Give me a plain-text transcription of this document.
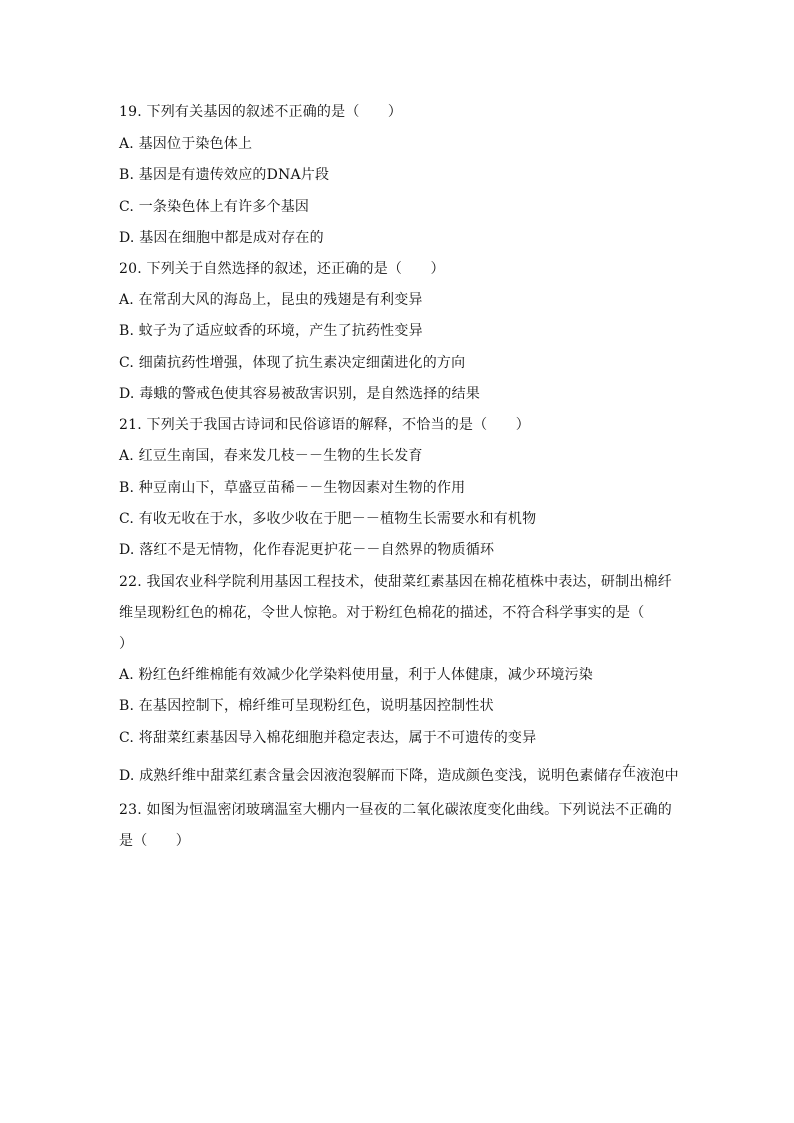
19. 下列有关基因的叙述不正确的是（　　）
A. 基因位于染色体上
B. 基因是有遗传效应的DNA片段
C. 一条染色体上有许多个基因
D. 基因在细胞中都是成对存在的
20. 下列关于自然选择的叙述，还正确的是（　　）
A. 在常刮大风的海岛上，昆虫的残翅是有利变异
B. 蚊子为了适应蚊香的环境，产生了抗药性变异
C. 细菌抗药性增强，体现了抗生素决定细菌进化的方向
D. 毒蛾的警戒色使其容易被敌害识别，是自然选择的结果
21. 下列关于我国古诗词和民俗谚语的解释，不恰当的是（　　）
A. 红豆生南国，春来发几枝－－生物的生长发育
B. 种豆南山下，草盛豆苗稀－－生物因素对生物的作用
C. 有收无收在于水，多收少收在于肥－－植物生长需要水和有机物
D. 落红不是无情物，化作春泥更护花－－自然界的物质循环
22. 我国农业科学院利用基因工程技术，使甜菜红素基因在棉花植株中表达，研制出棉纤
维呈现粉红色的棉花，令世人惊艳。对于粉红色棉花的描述，不符合科学事实的是（
）
A. 粉红色纤维棉能有效减少化学染料使用量，利于人体健康，减少环境污染
B. 在基因控制下，棉纤维可呈现粉红色，说明基因控制性状
C. 将甜菜红素基因导入棉花细胞并稳定表达，属于不可遗传的变异
D. 成熟纤维中甜菜红素含量会因液泡裂解而下降，造成颜色变浅，说明色素储存在液泡中
23. 如图为恒温密闭玻璃温室大棚内一昼夜的二氧化碳浓度变化曲线。下列说法不正确的
是（　　）
